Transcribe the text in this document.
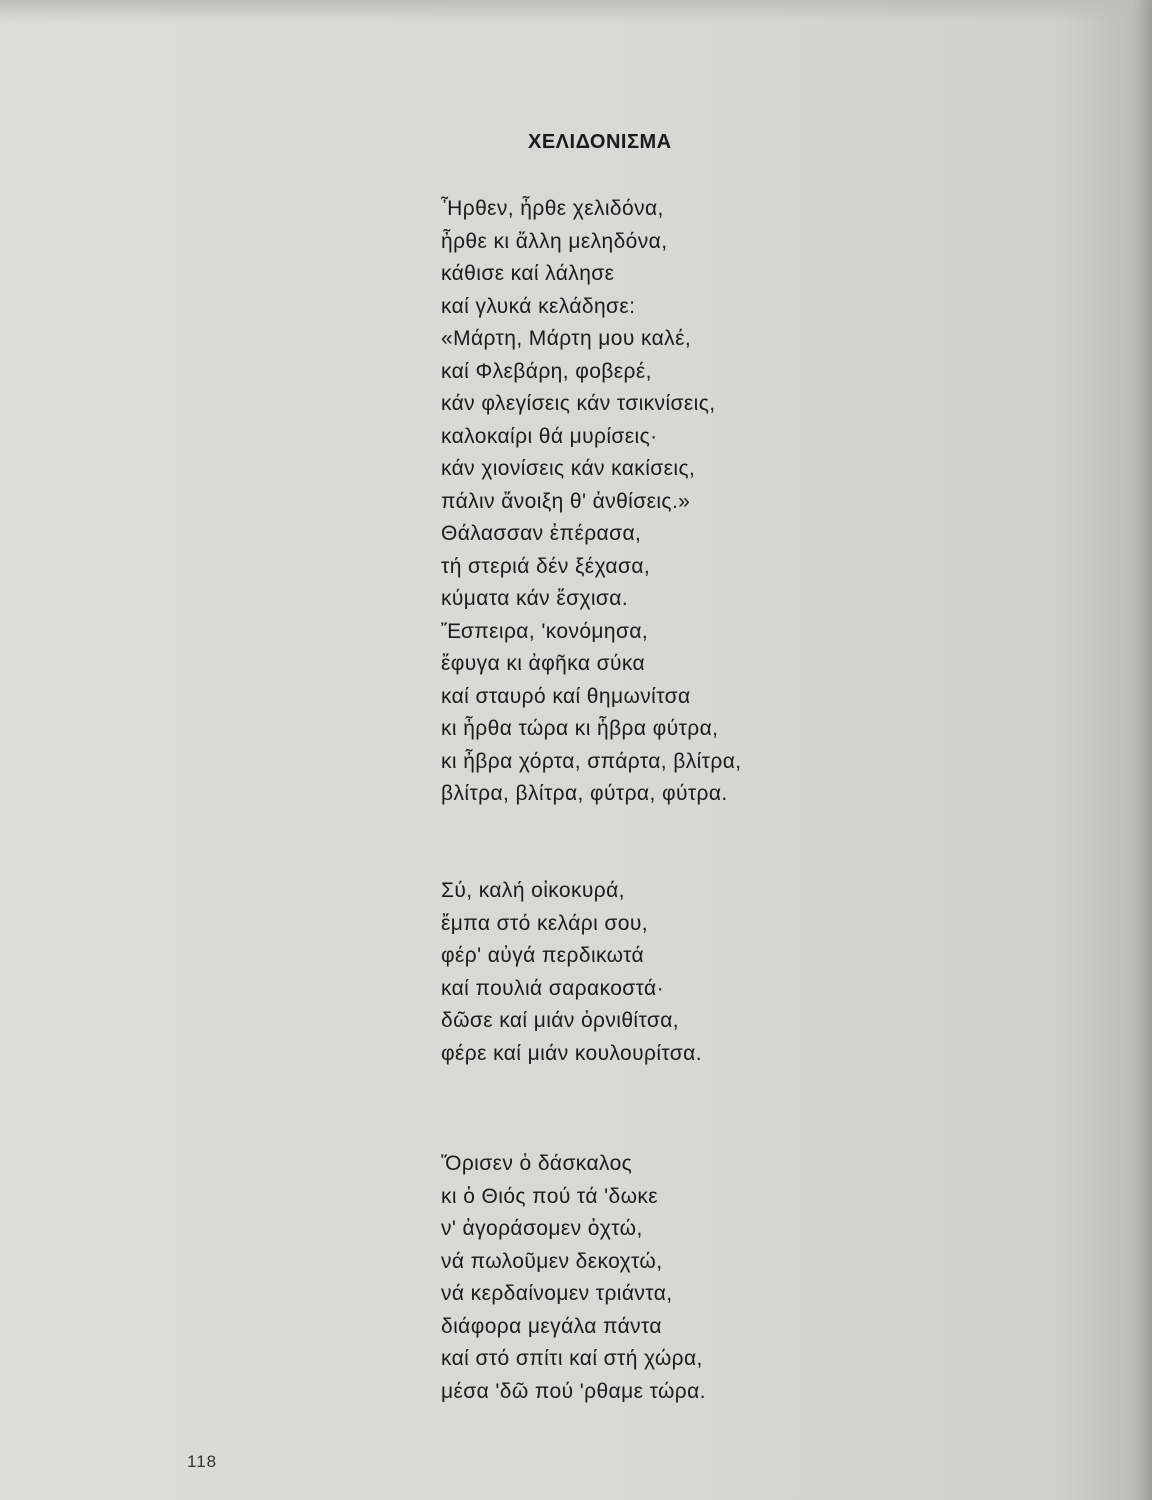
ΧΕΛΙΔΟΝΙΣΜΑ
Ἦρθεν, ἦρθε χελιδόνα,
ἦρθε κι ἄλλη μεληδόνα,
κάθισε καί λάλησε
καί γλυκά κελάδησε:
«Μάρτη, Μάρτη μου καλέ,
καί Φλεβάρη, φοβερέ,
κάν φλεγίσεις κάν τσικνίσεις,
καλοκαίρι θά μυρίσεις·
κάν χιονίσεις κάν κακίσεις,
πάλιν ἄνοιξη θ' ἀνθίσεις.»
Θάλασσαν ἐπέρασα,
τή στεριά δέν ξέχασα,
κύματα κάν ἔσχισα.
Ἔσπειρα, 'κονόμησα,
ἔφυγα κι ἀφῆκα σύκα
καί σταυρό καί θημωνίτσα
κι ἦρθα τώρα κι ἦβρα φύτρα,
κι ἦβρα χόρτα, σπάρτα, βλίτρα,
βλίτρα, βλίτρα, φύτρα, φύτρα.
Σύ, καλή οἰκοκυρά,
ἔμπα στό κελάρι σου,
φέρ' αὐγά περδικωτά
καί πουλιά σαρακοστά·
δῶσε καί μιάν ὀρνιθίτσα,
φέρε καί μιάν κουλουρίτσα.
Ὅρισεν ὁ δάσκαλος
κι ὁ Θιός πού τά 'δωκε
ν' ἀγοράσομεν ὀχτώ,
νά πωλοῦμεν δεκοχτώ,
νά κερδαίνομεν τριάντα,
διάφορα μεγάλα πάντα
καί στό σπίτι καί στή χώρα,
μέσα 'δῶ πού 'ρθαμε τώρα.
118
